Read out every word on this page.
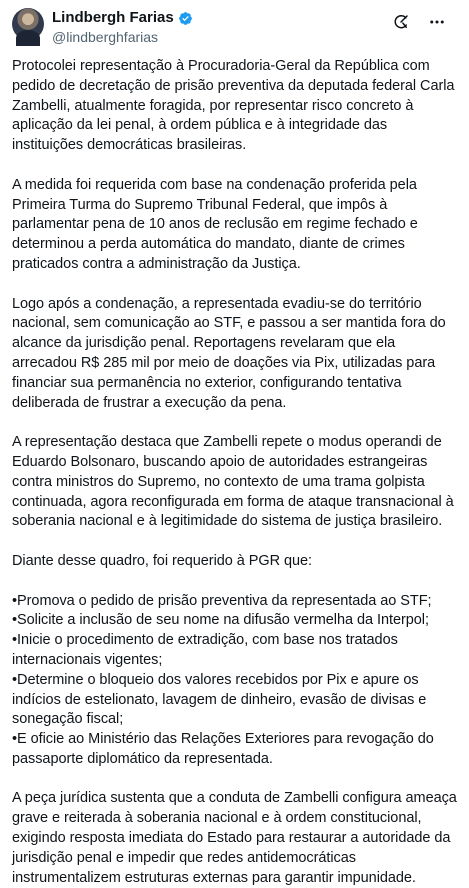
Lindbergh Farias
@lindberghfarias

Protocolei representação à Procuradoria-Geral da República com pedido de decretação de prisão preventiva da deputada federal Carla Zambelli, atualmente foragida, por representar risco concreto à aplicação da lei penal, à ordem pública e à integridade das instituições democráticas brasileiras.

A medida foi requerida com base na condenação proferida pela Primeira Turma do Supremo Tribunal Federal, que impôs à parlamentar pena de 10 anos de reclusão em regime fechado e determinou a perda automática do mandato, diante de crimes praticados contra a administração da Justiça.

Logo após a condenação, a representada evadiu-se do território nacional, sem comunicação ao STF, e passou a ser mantida fora do alcance da jurisdição penal. Reportagens revelaram que ela arrecadou R$ 285 mil por meio de doações via Pix, utilizadas para financiar sua permanência no exterior, configurando tentativa deliberada de frustrar a execução da pena.

A representação destaca que Zambelli repete o modus operandi de Eduardo Bolsonaro, buscando apoio de autoridades estrangeiras contra ministros do Supremo, no contexto de uma trama golpista continuada, agora reconfigurada em forma de ataque transnacional à soberania nacional e à legitimidade do sistema de justiça brasileiro.

Diante desse quadro, foi requerido à PGR que:

•Promova o pedido de prisão preventiva da representada ao STF;
•Solicite a inclusão de seu nome na difusão vermelha da Interpol;
•Inicie o procedimento de extradição, com base nos tratados internacionais vigentes;
•Determine o bloqueio dos valores recebidos por Pix e apure os indícios de estelionato, lavagem de dinheiro, evasão de divisas e sonegação fiscal;
•E oficie ao Ministério das Relações Exteriores para revogação do passaporte diplomático da representada.

A peça jurídica sustenta que a conduta de Zambelli configura ameaça grave e reiterada à soberania nacional e à ordem constitucional, exigindo resposta imediata do Estado para restaurar a autoridade da jurisdição penal e impedir que redes antidemocráticas instrumentalizem estruturas externas para garantir impunidade.
